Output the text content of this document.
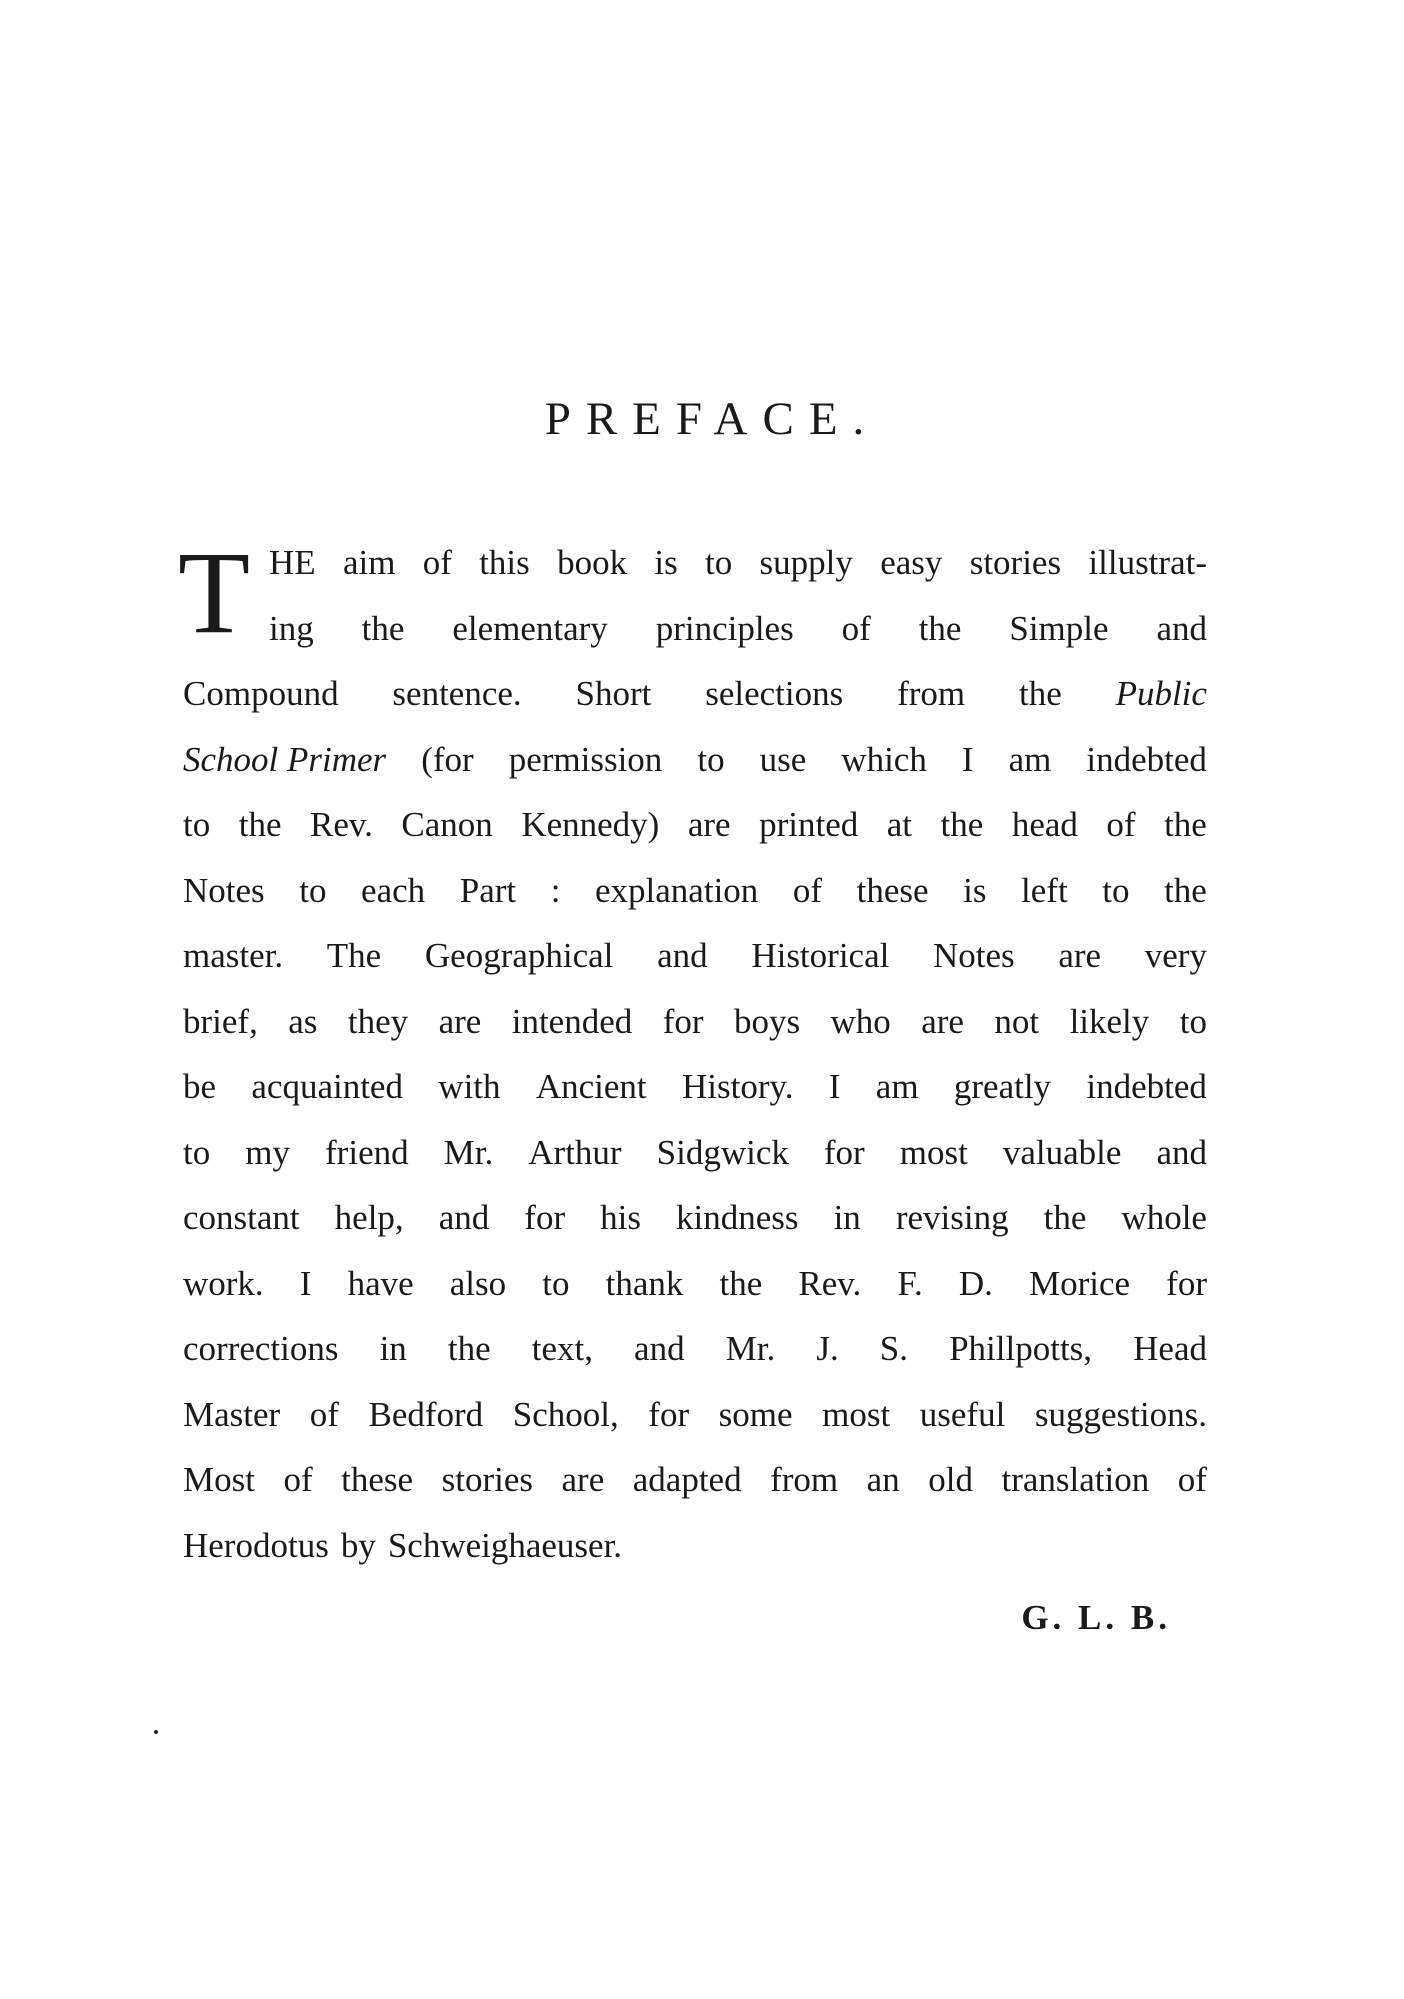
PREFACE.
T HE aim of this book is to supply easy stories illustrat-
ing the elementary principles of the Simple and
Compound sentence. Short selections from the Public
School Primer (for permission to use which I am indebted
to the Rev. Canon Kennedy) are printed at the head of the
Notes to each Part : explanation of these is left to the
master. The Geographical and Historical Notes are very
brief, as they are intended for boys who are not likely to
be acquainted with Ancient History. I am greatly indebted
to my friend Mr. Arthur Sidgwick for most valuable and
constant help, and for his kindness in revising the whole
work. I have also to thank the Rev. F. D. Morice for
corrections in the text, and Mr. J. S. Phillpotts, Head
Master of Bedford School, for some most useful suggestions.
Most of these stories are adapted from an old translation of
Herodotus by Schweighaeuser.
G. L. B.
